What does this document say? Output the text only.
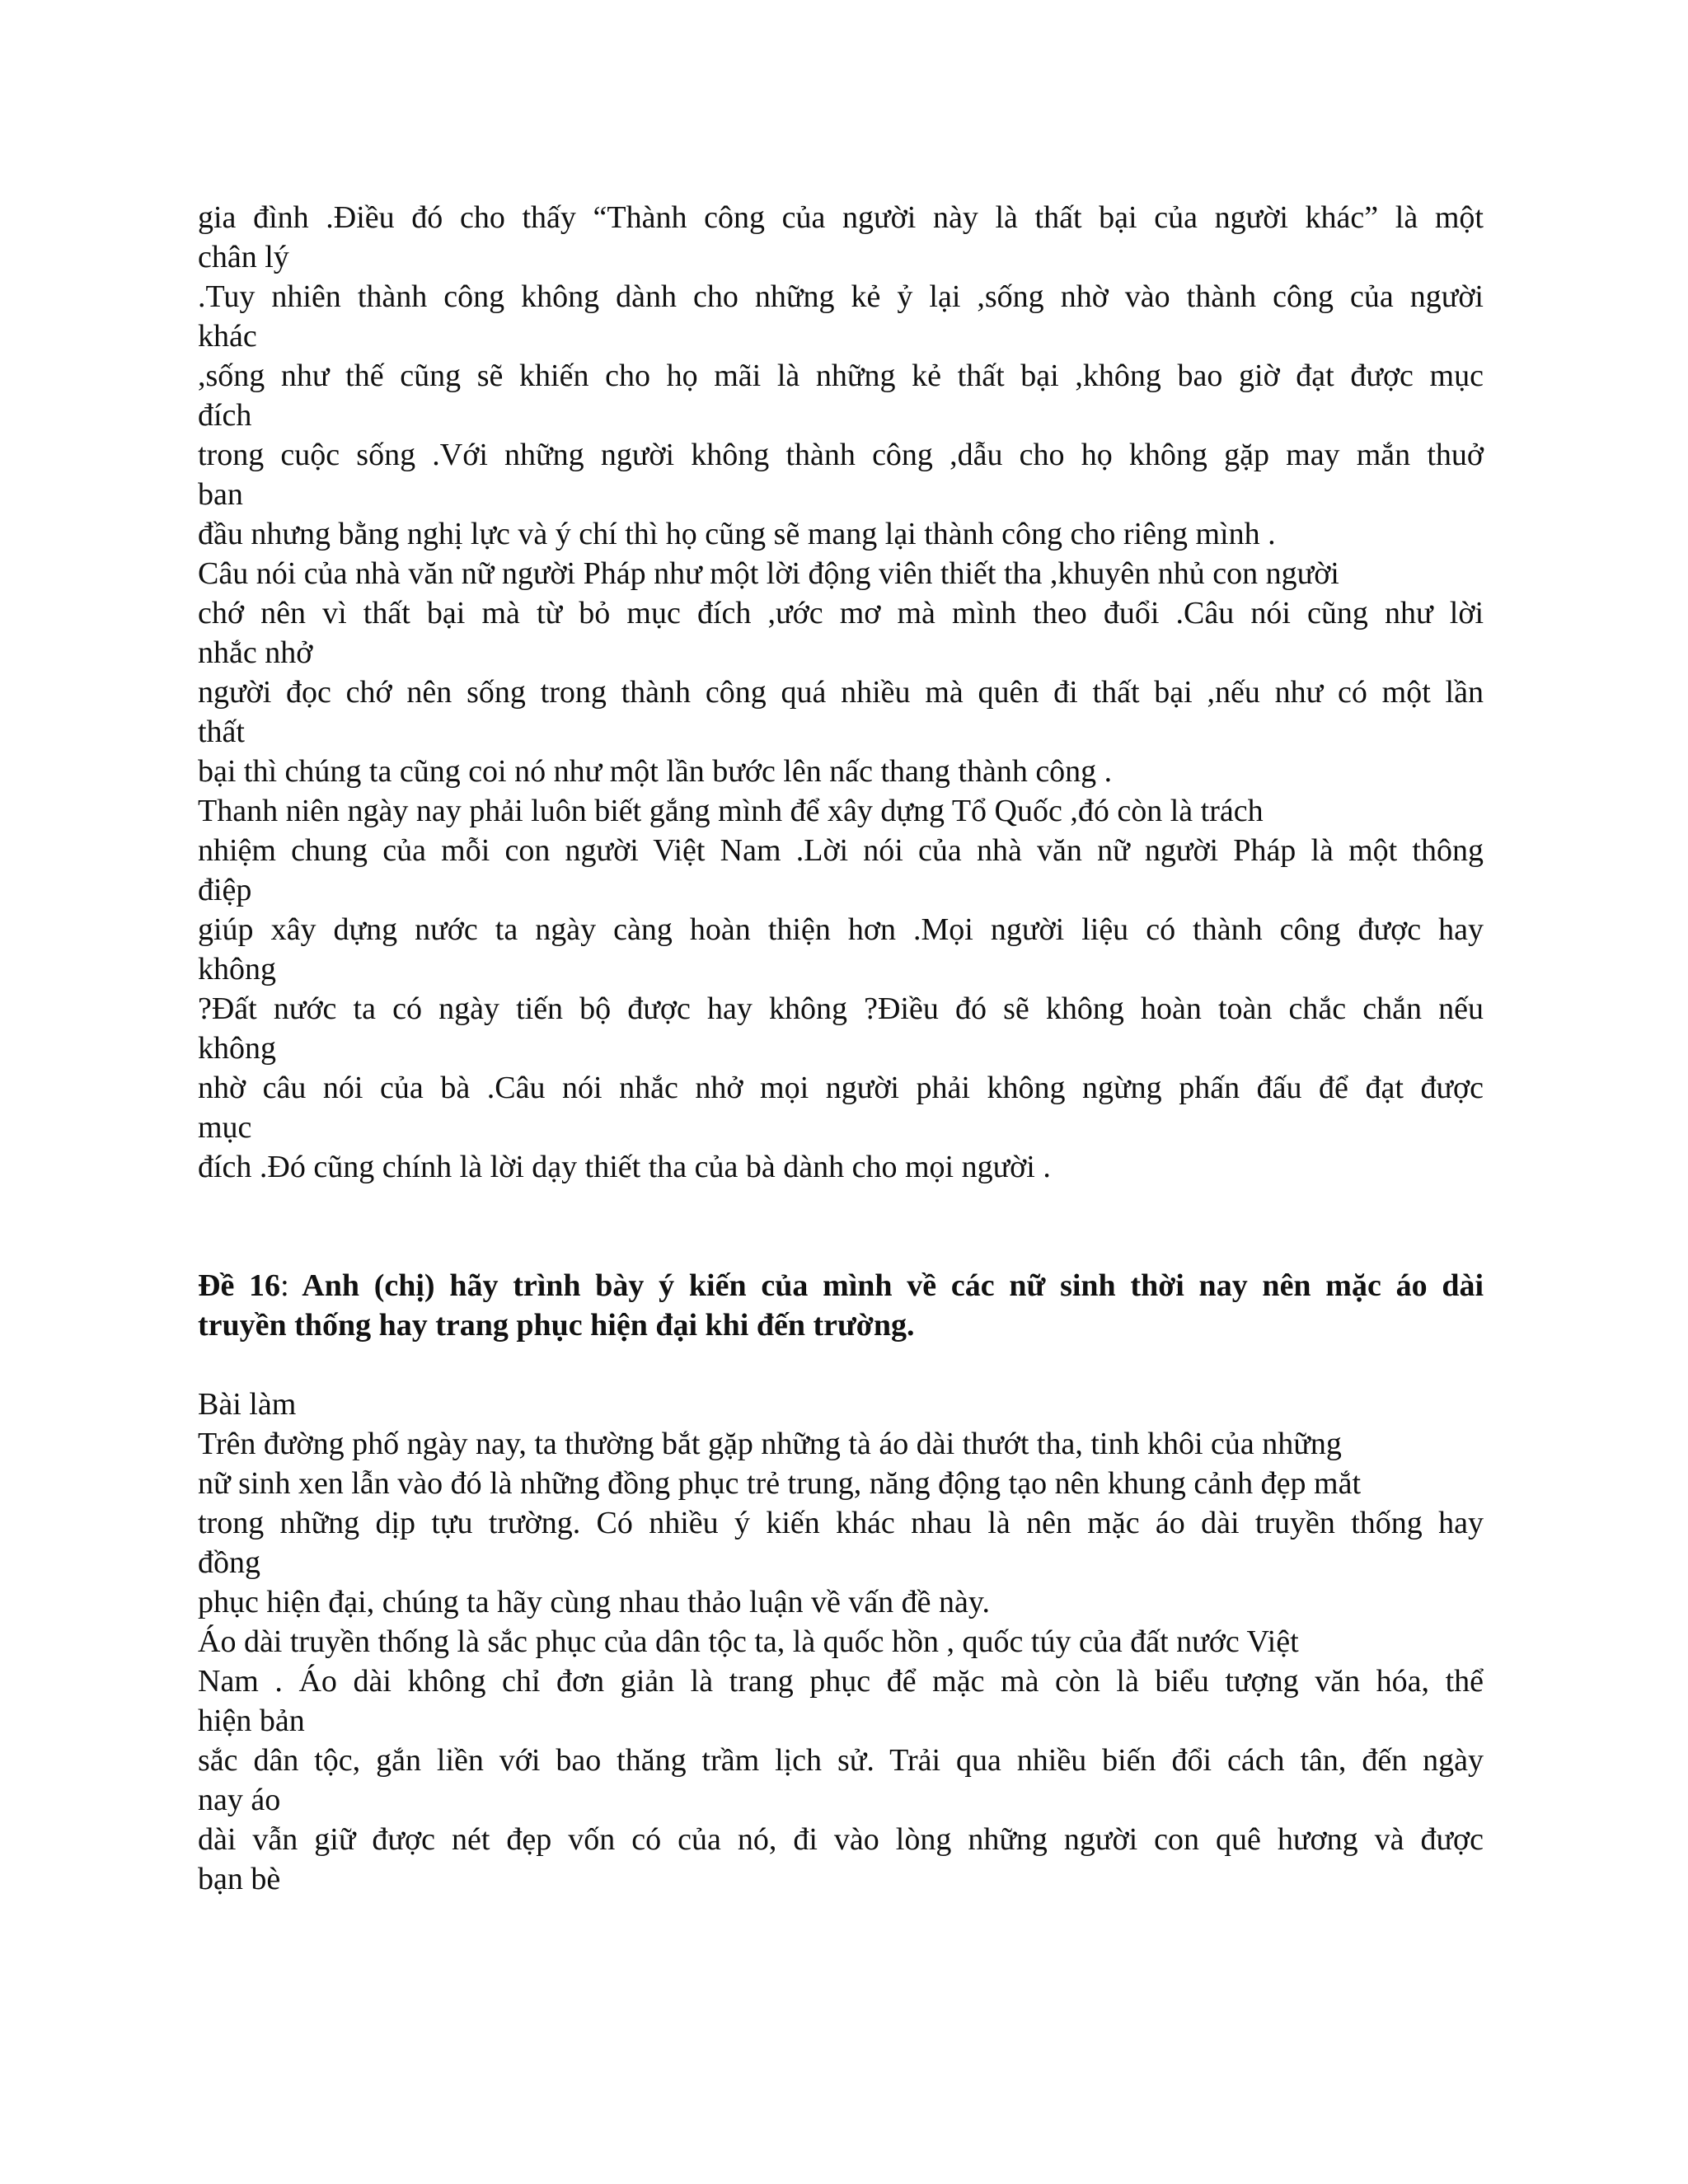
gia đình .Điều đó cho thấy “Thành công của người này là thất bại của người khác” là một

chân lý

.Tuy nhiên thành công không dành cho những kẻ ỷ lại ,sống nhờ vào thành công của người

khác

,sống như thế cũng sẽ khiến cho họ mãi là những kẻ thất bại ,không bao giờ đạt được mục

đích

trong cuộc sống .Với những người không thành công ,dẫu cho họ không gặp may mắn thuở

ban

đầu nhưng bằng nghị lực và ý chí thì họ cũng sẽ mang lại thành công cho riêng mình .

Câu nói của nhà văn nữ người Pháp như một lời động viên thiết tha ,khuyên nhủ con người

chớ nên vì thất bại mà từ bỏ mục đích ,ước mơ mà mình theo đuổi .Câu nói cũng như lời

nhắc nhở

người đọc chớ nên sống trong thành công quá nhiều mà quên đi thất bại ,nếu như có một lần

thất

bại thì chúng ta cũng coi nó như một lần bước lên nấc thang thành công .

Thanh niên ngày nay phải luôn biết gắng mình để xây dựng Tổ Quốc ,đó còn là trách

nhiệm chung của mỗi con người Việt Nam .Lời nói của nhà văn nữ người Pháp là một thông

điệp

giúp xây dựng nước ta ngày càng hoàn thiện hơn .Mọi người liệu có thành công được hay

không

?Đất nước ta có ngày tiến bộ được hay không ?Điều đó sẽ không hoàn toàn chắc chắn nếu

không

nhờ câu nói của bà .Câu nói nhắc nhở mọi người phải không ngừng phấn đấu để đạt được

mục

đích .Đó cũng chính là lời dạy thiết tha của bà dành cho mọi người .

Đề 16: Anh (chị) hãy trình bày ý kiến của mình về các nữ sinh thời nay nên mặc áo dài

truyền thống hay trang phục hiện đại khi đến trường.

Bài làm

Trên đường phố ngày nay, ta thường bắt gặp những tà áo dài thướt tha, tinh khôi của những

nữ sinh xen lẫn vào đó là những đồng phục trẻ trung, năng động tạo nên khung cảnh đẹp mắt

trong những dịp tựu trường. Có nhiều ý kiến khác nhau là nên mặc áo dài truyền thống hay

đồng

phục hiện đại, chúng ta hãy cùng nhau thảo luận về vấn đề này.

Áo dài truyền thống là sắc phục của dân tộc ta, là quốc hồn , quốc túy của đất nước Việt

Nam . Áo dài không chỉ đơn giản là trang phục để mặc mà còn là biểu tượng văn hóa, thể

hiện bản

sắc dân tộc, gắn liền với bao thăng trầm lịch sử. Trải qua nhiều biến đổi cách tân, đến ngày

nay áo

dài vẫn giữ được nét đẹp vốn có của nó, đi vào lòng những người con quê hương và được

bạn bè
